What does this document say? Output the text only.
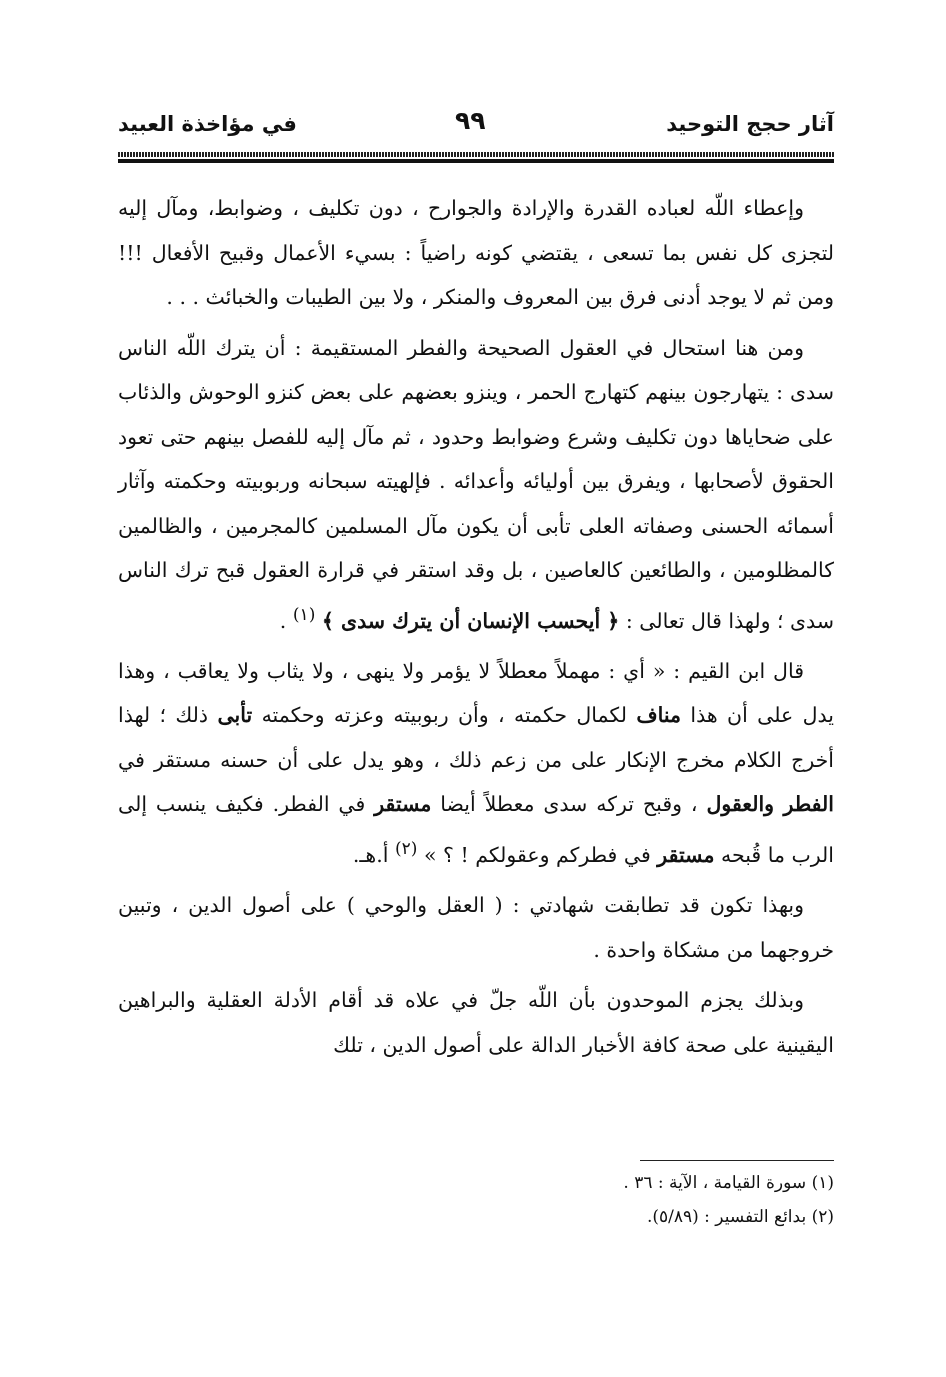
آثار حجج التوحيد
٩٩
في مؤاخذة العبيد

وإعطاء اللّه لعباده القدرة والإرادة والجوارح ، دون تكليف ، وضوابط، ومآل إليه لتجزى كل نفس بما تسعى ، يقتضي كونه راضياً : بسيء الأعمال وقبيح الأفعال !!! ومن ثم لا يوجد أدنى فرق بين المعروف والمنكر ، ولا بين الطيبات والخبائث . . .

ومن هنا استحال في العقول الصحيحة والفطر المستقيمة : أن يترك اللّه الناس سدى : يتهارجون بينهم كتهارج الحمر ، وينزو بعضهم على بعض كنزو الوحوش والذئاب على ضحاياها دون تكليف وشرع وضوابط وحدود ، ثم مآل إليه للفصل بينهم حتى تعود الحقوق لأصحابها ، ويفرق بين أوليائه وأعدائه . فإلهيته سبحانه وربوبيته وحكمته وآثار أسمائه الحسنى وصفاته العلى تأبى أن يكون مآل المسلمين كالمجرمين ، والظالمين كالمظلومين ، والطائعين كالعاصين ، بل وقد استقر في قرارة العقول قبح ترك الناس سدى ؛ ولهذا قال تعالى : ﴿ أيحسب الإنسان أن يترك سدى ﴾ $^{(١)}$ .

قال ابن القيم : « أي : مهملاً معطلاً لا يؤمر ولا ينهى ، ولا يثاب ولا يعاقب ، وهذا يدل على أن هذا مناف لكمال حكمته ، وأن ربوبيته وعزته وحكمته تأبى ذلك ؛ لهذا أخرج الكلام مخرج الإنكار على من زعم ذلك ، وهو يدل على أن حسنه مستقر في الفطر والعقول ، وقبح تركه سدى معطلاً أيضا مستقر في الفطر. فكيف ينسب إلى الرب ما قُبحه مستقر في فطركم وعقولكم ! ؟ » $^{(٢)}$ أ.هـ.

وبهذا تكون قد تطابقت شهادتي : ( العقل والوحي ) على أصول الدين ، وتبين خروجهما من مشكاة واحدة .

وبذلك يجزم الموحدون بأن اللّه جلّ في علاه قد أقام الأدلة العقلية والبراهين اليقينية على صحة كافة الأخبار الدالة على أصول الدين ، تلك

(١) سورة القيامة ، الآية : ٣٦ .
(٢) بدائع التفسير : (٥/٨٩).
